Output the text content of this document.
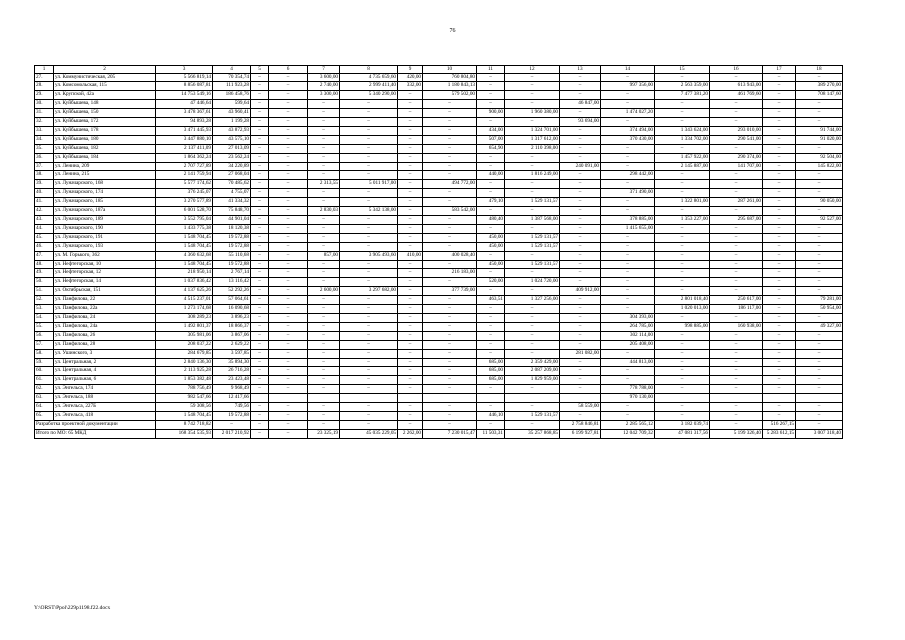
76
1	2	3	4	5	6	7	8	9	10	11	12	13	14	15	16	17	18
27.	ул. Коммунистическая, 205	5 566 819,14	70 354,74	–	–	3 600,00	4 735 659,60	420,00	760 804,80	–	–	–	–	–	–	–	–
28.	ул. Комсомольская, 115	8 856 087,81	111 923,28	–	–	2 740,00	2 999 411,40	332,00	1 180 843,13	–	–	–	997 356,00	2 563 359,00	613 943,00	–	389 270,00
29.	ул. Крупской, 42а	14 753 549,16	186 458,76	–	–	3 300,00	5 340 290,00	–	579 502,00	–	–	–	–	7 477 381,20	461 769,60	–	708 147,60
30.	ул. Куйбышева, 148	47 446,64	599,64	–	–	–	–	–	–	–	–	46 847,00	–	–	–	–	–
31.	ул. Куйбышева, 150	3 478 367,61	43 960,41	–	–	–	–	–	–	900,00	1 960 380,00	–	1 474 027,20	–	–	–	–
32.	ул. Куйбышева, 172	94 893,28	1 199,28	–	–	–	–	–	–	–	–	93 694,00	–	–	–	–	–
33.	ул. Куйбышева, 178	3 471 445,93	43 872,93	–	–	–	–	–	–	434,00	1 324 701,00	–	374 494,00	1 343 624,00	293 010,00	–	91 744,00
34.	ул. Куйбышева, 180	3 447 880,10	43 575,10	–	–	–	–	–	–	507,00	1 317 612,00	–	370 430,00	1 334 702,00	290 541,00	–	91 020,00
35.	ул. Куйбышева, 182	2 137 411,09	27 013,09	–	–	–	–	–	–	654,90	2 110 398,00	–	–	–	–	–	–
36.	ул. Куйбышева, 184	1 864 362,24	23 562,24	–	–	–	–	–	–	–	–	–	–	1 457 922,00	290 374,00	–	92 504,00
37.	ул. Ленина, 209	2 707 727,89	34 220,89	–	–	–	–	–	–	–	–	240 091,00	–	2 145 887,00	141 707,00	–	145 822,00
38.	ул. Ленина, 215	2 141 759,94	27 068,04	–	–	–	–	–	–	440,00	1 816 249,00	–	298 442,00	–	–	–	–
39.	ул. Луначарского, 168	5 577 174,62	70 485,62	–	–	2 313,55	5 011 917,00	–	494 772,00	–	–	–	–	–	–	–	–
40.	ул. Луначарского, 174	376 245,07	4 755,07	–	–	–	–	–	–	–	–	–	371 490,00	–	–	–	–
41.	ул. Луначарского, 185	3 270 577,89	41 334,32	–	–	–	–	–	–	479,10	1 529 131,57	–	–	1 322 801,00	287 261,00	–	90 050,00
42.	ул. Луначарского, 187а	6 001 528,70	75 848,70	–	–	2 830,03	5 342 138,00	–	583 542,00	–	–	–	–	–	–	–	–
43.	ул. Луначарского, 189	3 552 795,04	44 901,04	–	–	–	–	–	–	480,40	1 387 568,00	–	378 885,00	1 353 227,00	295 687,00	–	92 527,00
44.	ул. Луначарского, 190	1 433 775,38	18 120,38	–	–	–	–	–	–	–	–	–	1 415 655,00	–	–	–	–
45.	ул. Луначарского, 191	1 548 704,45	19 572,88	–	–	–	–	–	–	450,00	1 529 131,57	–	–	–	–	–	–
46.	ул. Луначарского, 193	1 548 704,45	19 572,88	–	–	–	–	–	–	450,00	1 529 131,57	–	–	–	–	–	–
47.	ул. М. Горького, 362	4 360 632,68	55 110,68	–	–	857,00	3 905 493,60	410,00	400 028,40	–	–	–	–	–	–	–	–
48.	ул. Нефтегорская, 10	1 548 704,45	19 572,88	–	–	–	–	–	–	450,00	1 529 131,57	–	–	–	–	–	–
49.	ул. Нефтегорская, 12	218 950,14	2 767,14	–	–	–	–	–	216 183,00	–	–	–	–	–	–	–	–
50.	ул. Нефтегорская, 14	1 037 836,42	13 116,42	–	–	–	–	–	–	520,00	1 024 720,00	–	–	–	–	–	–
51.	ул. Октябрьская, 151	4 137 625,26	52 292,26	–	–	2 600,00	3 297 682,00	–	377 739,00	–	–	409 912,00	–	–	–	–	–
52.	ул. Панфилова, 22	4 515 237,01	57 064,61	–	–	–	–	–	–	463,51	1 327 256,00	–	–	2 801 018,40	250 617,00	–	79 281,00
53.	ул. Панфилова, 22а	1 273 174,68	16 090,68	–	–	–	–	–	–	–	–	–	–	1 020 013,00	186 117,00	–	50 954,00
54.	ул. Панфилова, 24	308 289,23	3 896,23	–	–	–	–	–	–	–	–	–	304 393,00	–	–	–	–
55.	ул. Панфилова, 24а	1 492 801,37	18 866,37	–	–	–	–	–	–	–	–	–	264 785,00	998 885,00	160 938,00	–	49 327,00
56.	ул. Панфилова, 26	305 981,06	3 867,06	–	–	–	–	–	–	–	–	–	302 114,00	–	–	–	–
57.	ул. Панфилова, 28	208 037,22	2 629,22	–	–	–	–	–	–	–	–	–	205 408,00	–	–	–	–
58.	ул. Ушинского, 3	284 679,85	3 597,85	–	–	–	–	–	–	–	–	281 082,00	–	–	–	–	–
59.	ул. Центральная, 2	2 840 136,30	35 894,30	–	–	–	–	–	–	685,00	2 359 429,00	–	444 813,00	–	–	–	–
60.	ул. Центральная, 4	2 113 925,28	26 716,28	–	–	–	–	–	–	685,00	2 087 209,00	–	–	–	–	–	–
61.	ул. Центральная, 6	1 853 382,48	23 423,48	–	–	–	–	–	–	685,00	1 829 959,00	–	–	–	–	–	–
62.	ул. Энгельса, 174	788 756,49	9 968,49	–	–	–	–	–	–	–	–	–	778 788,00	–	–	–	–
63.	ул. Энгельса, 188	982 547,66	12 417,66										970 130,00				
64.	ул. Энгельса, 227Б	59 308,56	749,56	–	–	–	–	–	–	–	–	58 559,00	–	–	–	–	–
65.	ул. Энгельса, 418	1 548 704,45	19 572,88	–	–	–	–	–	–	446,10	1 529 131,57	–	–	–	–	–	–
Разработка проектной документации		8 742 718,82	–	–	–	–	–	–	–	–	–	2 758 846,81	2 285 565,12	3 182 039,74	–	516 267,15	–
Итого по МО: 65 МКД		168 354 535,93	2 017 210,92	–	–	23 325,19	45 035 229,05	2 262,00	7 230 015,47	11 503,31	35 257 868,85	6 199 927,81	12 042 709,32	47 081 317,56	5 199 326,40	5 283 612,15	3 007 318,40
Y:\ORST\Ppol\229p1198.f22.docx
